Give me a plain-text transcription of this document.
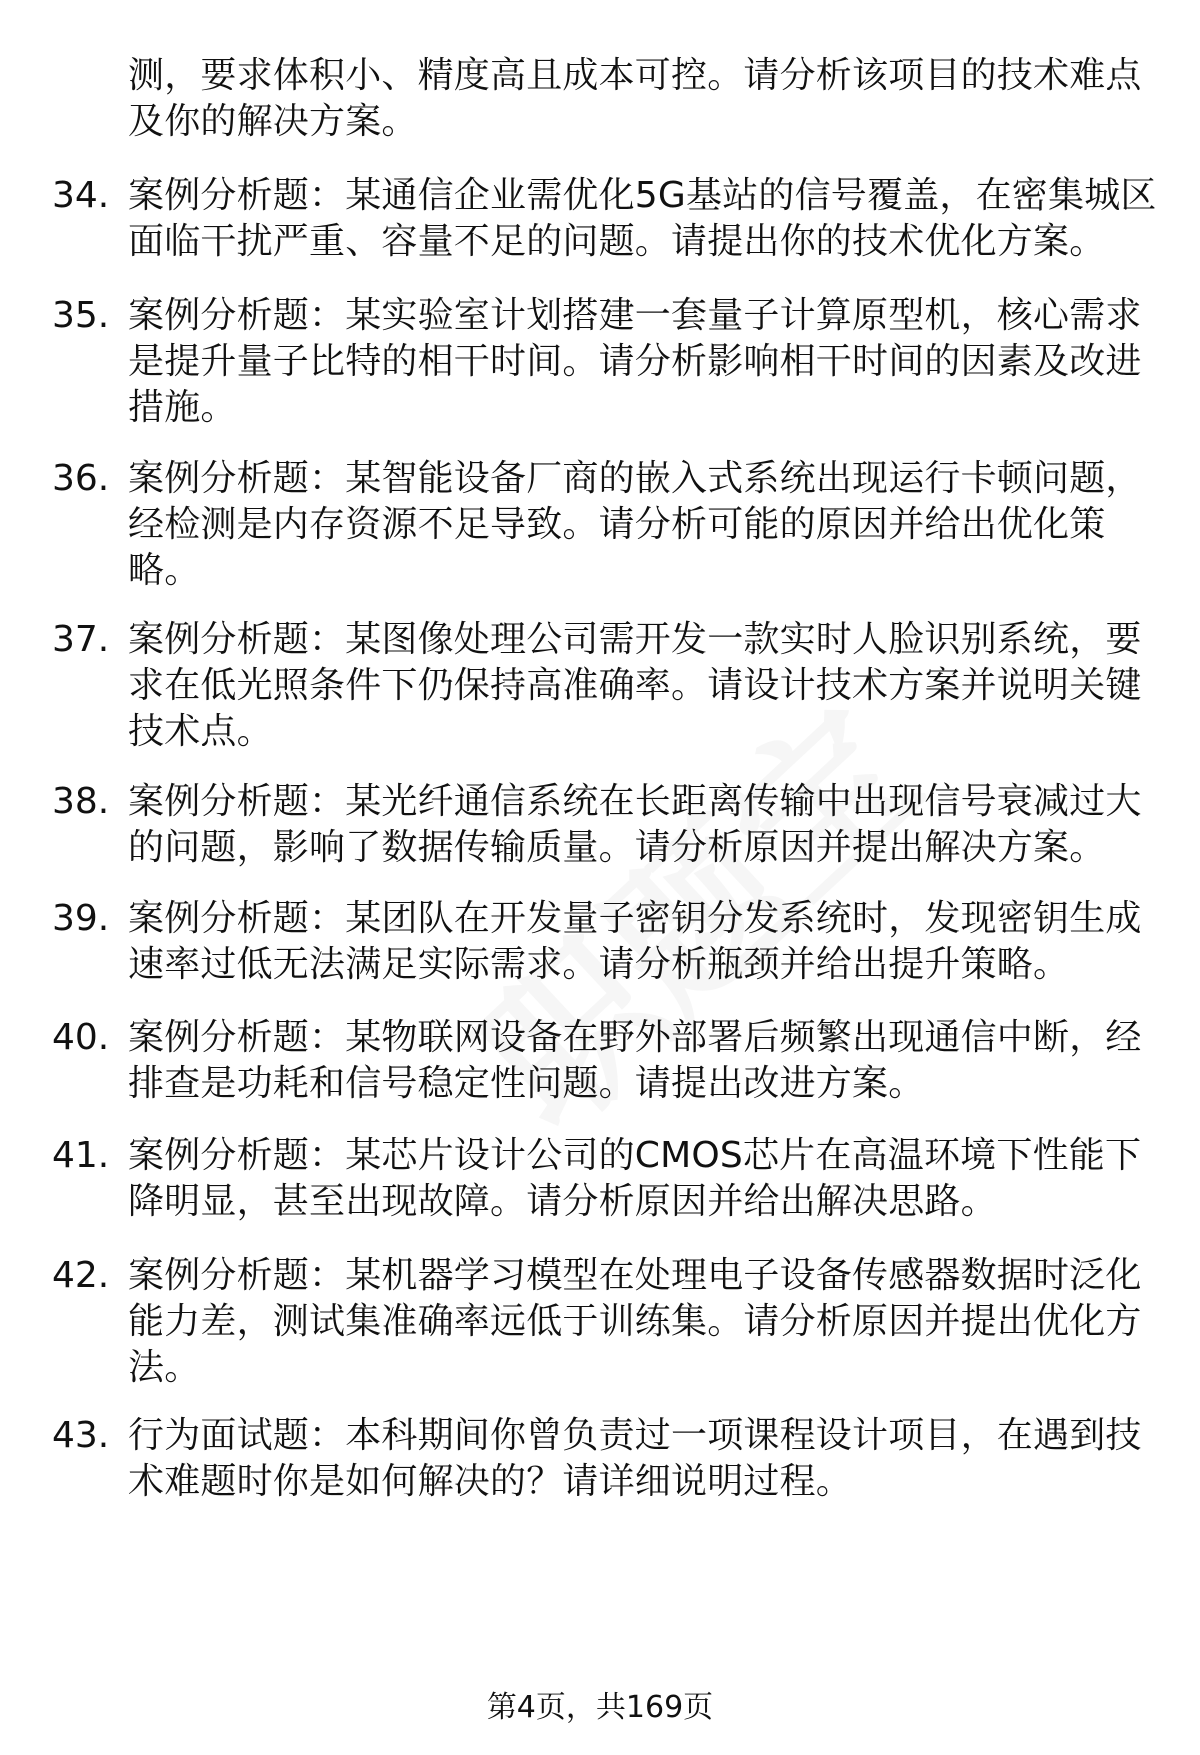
测，要求体积小、精度高且成本可控。请分析该项目的技术难点
及你的解决方案。
34. 案例分析题：某通信企业需优化5G基站的信号覆盖，在密集城区
面临干扰严重、容量不足的问题。请提出你的技术优化方案。
35. 案例分析题：某实验室计划搭建一套量子计算原型机，核心需求
是提升量子比特的相干时间。请分析影响相干时间的因素及改进
措施。
36. 案例分析题：某智能设备厂商的嵌入式系统出现运行卡顿问题，
经检测是内存资源不足导致。请分析可能的原因并给出优化策
略。
37. 案例分析题：某图像处理公司需开发一款实时人脸识别系统，要
求在低光照条件下仍保持高准确率。请设计技术方案并说明关键
技术点。
38. 案例分析题：某光纤通信系统在长距离传输中出现信号衰减过大
的问题，影响了数据传输质量。请分析原因并提出解决方案。
39. 案例分析题：某团队在开发量子密钥分发系统时，发现密钥生成
速率过低无法满足实际需求。请分析瓶颈并给出提升策略。
40. 案例分析题：某物联网设备在野外部署后频繁出现通信中断，经
排查是功耗和信号稳定性问题。请提出改进方案。
41. 案例分析题：某芯片设计公司的CMOS芯片在高温环境下性能下
降明显，甚至出现故障。请分析原因并给出解决思路。
42. 案例分析题：某机器学习模型在处理电子设备传感器数据时泛化
能力差，测试集准确率远低于训练集。请分析原因并提出优化方
法。
43. 行为面试题：本科期间你曾负责过一项课程设计项目，在遇到技
术难题时你是如何解决的？请详细说明过程。
第4页，共169页
